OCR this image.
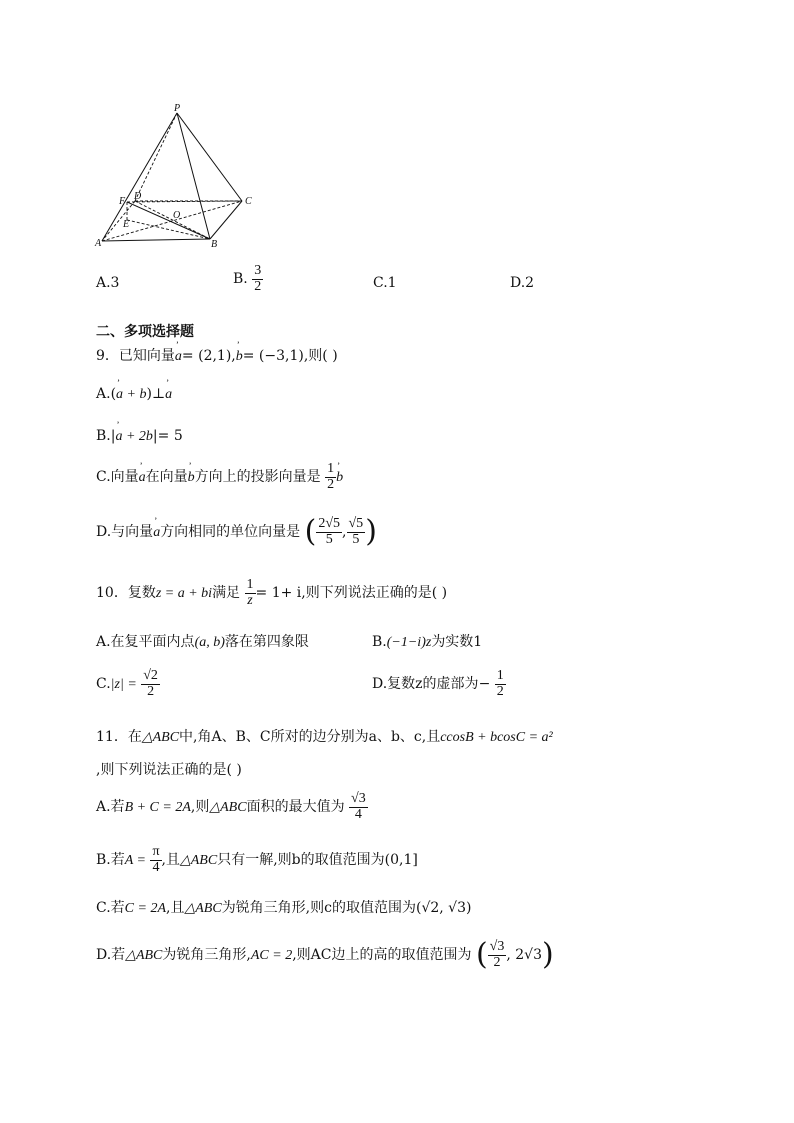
P
F D	C
E
O
A	B
A.3	B. $\frac{3}{2}$	C.1	D.2
二、多项选择题
9．已知向量’ a= (2,1),’ b= (−3,1),则( )
A.(’ a + b)⊥’ a
B.|’ a + 2b|= 5
C.向量’ a在向量’ b方向上的投影向量是 $\frac{1}{2}$
’ b
D.与向量’ a方向相同的单位向量是 ( $\frac{2√5}{5}$ , $\frac{√5}{5}$ )
10．复数z = a + bi满足 $\frac{1}{z} = 1+ i$,则下列说法正确的是( )
A.在复平面内点(a, b)落在第四象限	B.(−1−i)z为实数1
$C.|z| = \frac{√2}{2}$	D.复数z的虚部为− $\frac{1}{2}$
11．在△ABC中,角A、B、C所对的边分别为a、b、c,且ccosB + bcosC = a²
,则下列说法正确的是( )
A.若B + C = 2A,则△ABC面积的最大值为 $\frac{√3}{4}$
B.若$A = \frac{\pi}{4}$ ,且△ABC只有一解,则b的取值范围为(0,1]
C.若C = 2A,且△ABC为锐角三角形,则c的取值范围为(√2, √3)
D.若△ABC为锐角三角形,AC = 2,则AC边上的高的取值范围为 ( $\frac{√3}{2}$ , 2√3)
